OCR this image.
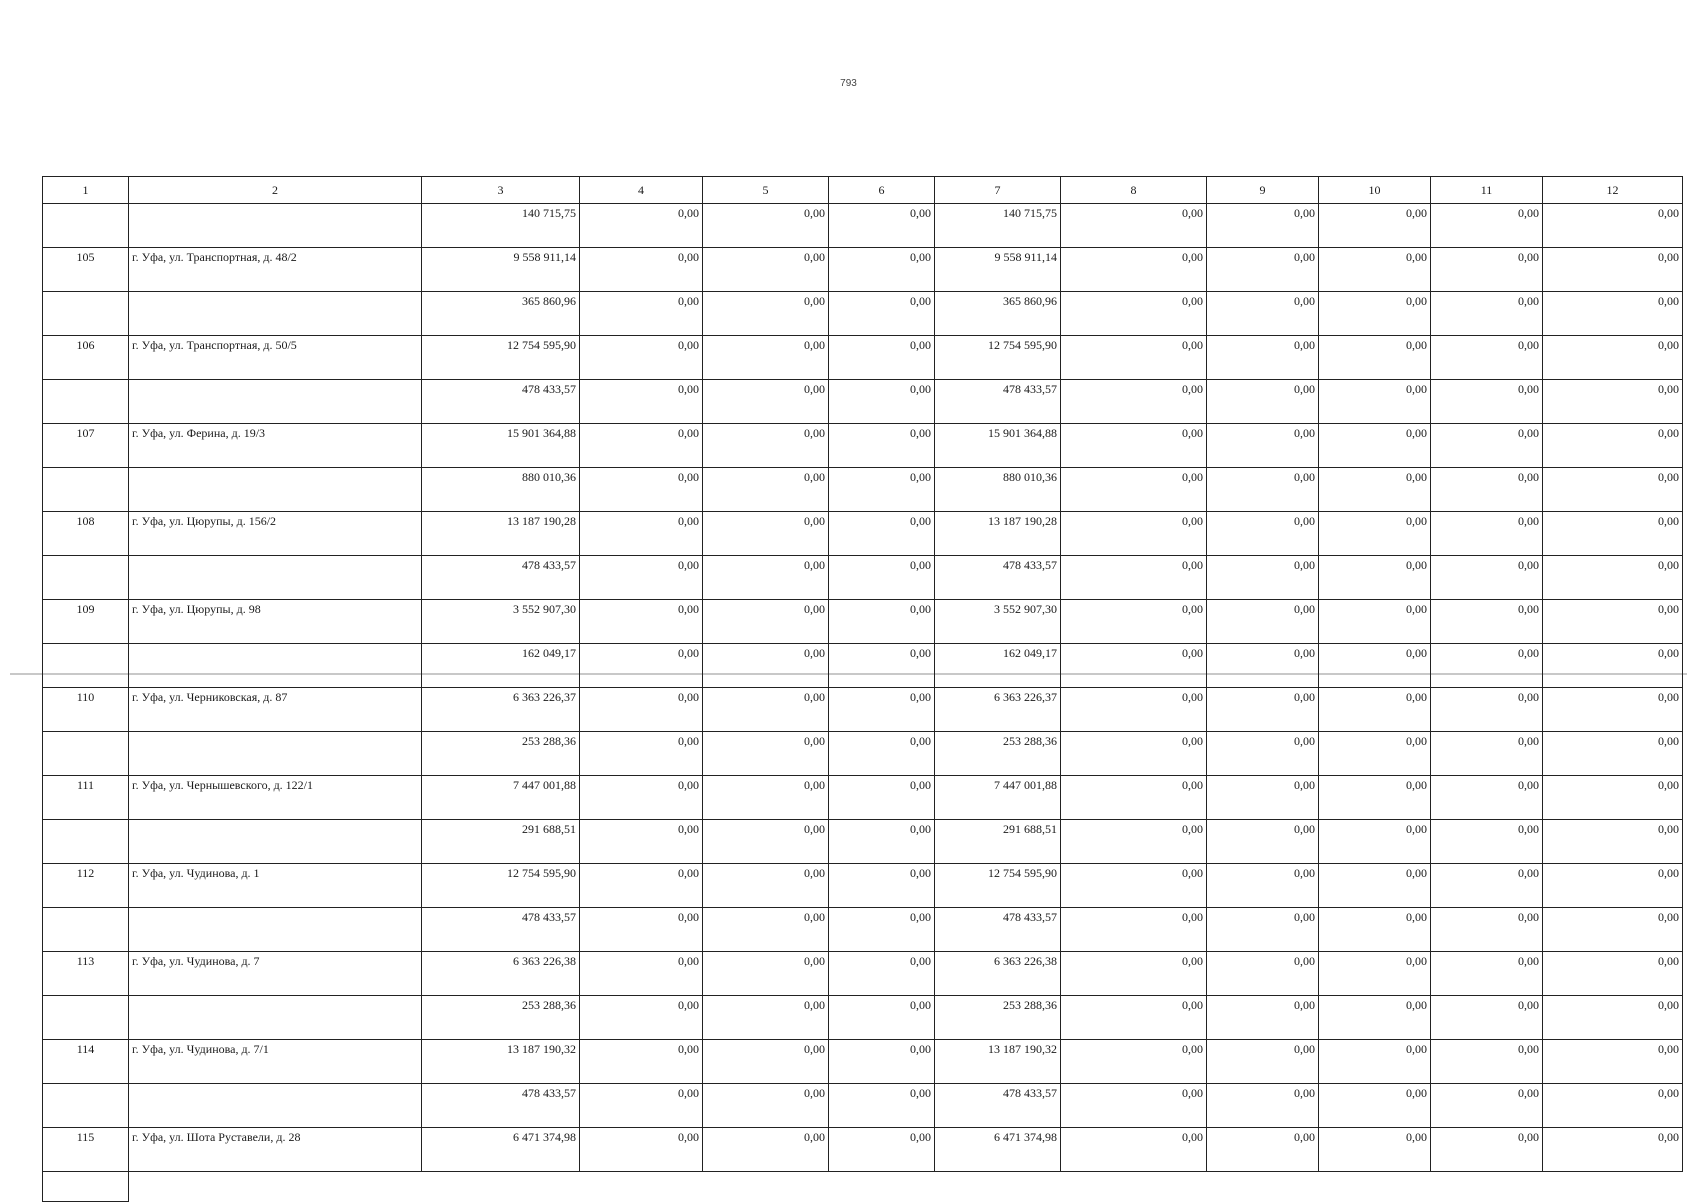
793
1	2	3	4	5	6	7	8	9	10	11	12
		140 715,75	0,00	0,00	0,00	140 715,75	0,00	0,00	0,00	0,00	0,00
105	г. Уфа, ул. Транспортная, д. 48/2	9 558 911,14	0,00	0,00	0,00	9 558 911,14	0,00	0,00	0,00	0,00	0,00
		365 860,96	0,00	0,00	0,00	365 860,96	0,00	0,00	0,00	0,00	0,00
106	г. Уфа, ул. Транспортная, д. 50/5	12 754 595,90	0,00	0,00	0,00	12 754 595,90	0,00	0,00	0,00	0,00	0,00
		478 433,57	0,00	0,00	0,00	478 433,57	0,00	0,00	0,00	0,00	0,00
107	г. Уфа, ул. Ферина, д. 19/3	15 901 364,88	0,00	0,00	0,00	15 901 364,88	0,00	0,00	0,00	0,00	0,00
		880 010,36	0,00	0,00	0,00	880 010,36	0,00	0,00	0,00	0,00	0,00
108	г. Уфа, ул. Цюрупы, д. 156/2	13 187 190,28	0,00	0,00	0,00	13 187 190,28	0,00	0,00	0,00	0,00	0,00
		478 433,57	0,00	0,00	0,00	478 433,57	0,00	0,00	0,00	0,00	0,00
109	г. Уфа, ул. Цюрупы, д. 98	3 552 907,30	0,00	0,00	0,00	3 552 907,30	0,00	0,00	0,00	0,00	0,00
		162 049,17	0,00	0,00	0,00	162 049,17	0,00	0,00	0,00	0,00	0,00
110	г. Уфа, ул. Черниковская, д. 87	6 363 226,37	0,00	0,00	0,00	6 363 226,37	0,00	0,00	0,00	0,00	0,00
		253 288,36	0,00	0,00	0,00	253 288,36	0,00	0,00	0,00	0,00	0,00
111	г. Уфа, ул. Чернышевского, д. 122/1	7 447 001,88	0,00	0,00	0,00	7 447 001,88	0,00	0,00	0,00	0,00	0,00
		291 688,51	0,00	0,00	0,00	291 688,51	0,00	0,00	0,00	0,00	0,00
112	г. Уфа, ул. Чудинова, д. 1	12 754 595,90	0,00	0,00	0,00	12 754 595,90	0,00	0,00	0,00	0,00	0,00
		478 433,57	0,00	0,00	0,00	478 433,57	0,00	0,00	0,00	0,00	0,00
113	г. Уфа, ул. Чудинова, д. 7	6 363 226,38	0,00	0,00	0,00	6 363 226,38	0,00	0,00	0,00	0,00	0,00
		253 288,36	0,00	0,00	0,00	253 288,36	0,00	0,00	0,00	0,00	0,00
114	г. Уфа, ул. Чудинова, д. 7/1	13 187 190,32	0,00	0,00	0,00	13 187 190,32	0,00	0,00	0,00	0,00	0,00
		478 433,57	0,00	0,00	0,00	478 433,57	0,00	0,00	0,00	0,00	0,00
115	г. Уфа, ул. Шота Руставели, д. 28	6 471 374,98	0,00	0,00	0,00	6 471 374,98	0,00	0,00	0,00	0,00	0,00
